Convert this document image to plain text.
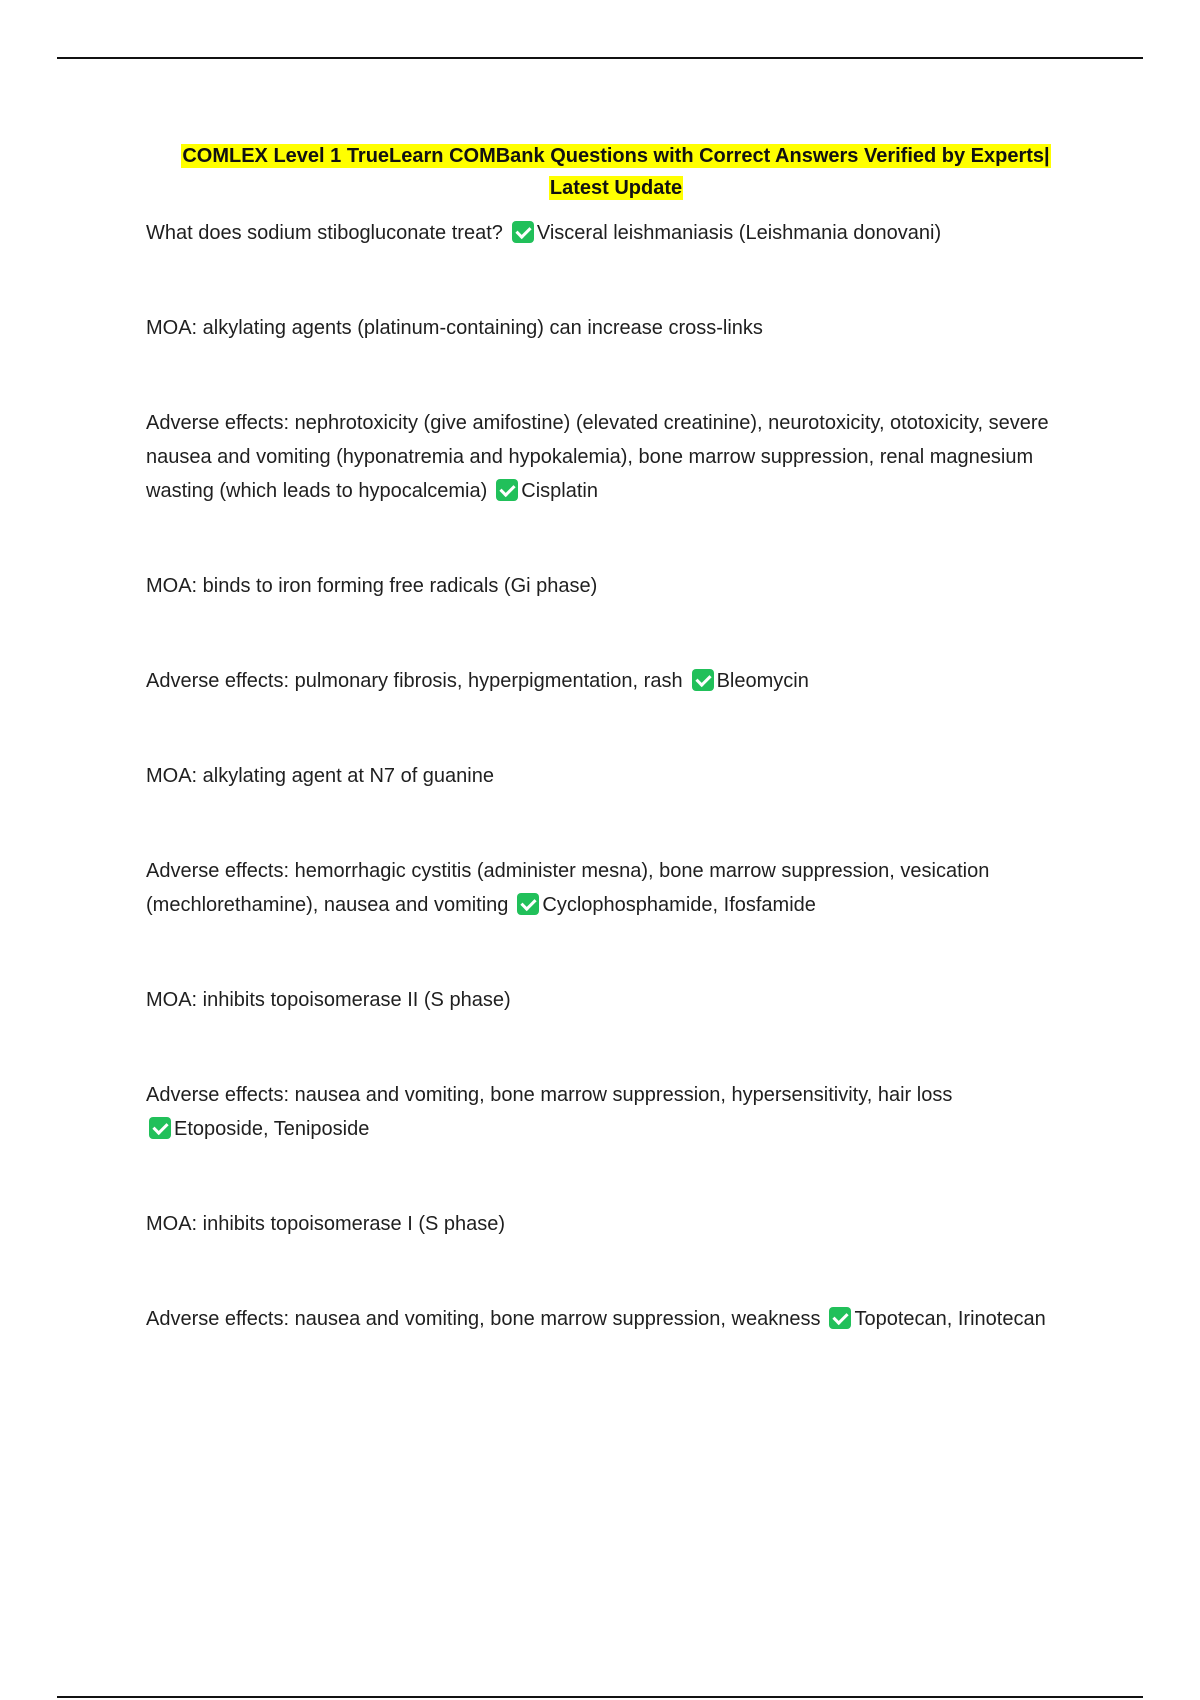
COMLEX Level 1 TrueLearn COMBank Questions with Correct Answers Verified by Experts|
Latest Update
What does sodium stibogluconate treat? Visceral leishmaniasis (Leishmania donovani)
MOA: alkylating agents (platinum-containing) can increase cross-links
Adverse effects: nephrotoxicity (give amifostine) (elevated creatinine), neurotoxicity, ototoxicity, severe nausea and vomiting (hyponatremia and hypokalemia), bone marrow suppression, renal magnesium wasting (which leads to hypocalcemia) Cisplatin
MOA: binds to iron forming free radicals (Gi phase)
Adverse effects: pulmonary fibrosis, hyperpigmentation, rash Bleomycin
MOA: alkylating agent at N7 of guanine
Adverse effects: hemorrhagic cystitis (administer mesna), bone marrow suppression, vesication (mechlorethamine), nausea and vomiting Cyclophosphamide, Ifosfamide
MOA: inhibits topoisomerase II (S phase)
Adverse effects: nausea and vomiting, bone marrow suppression, hypersensitivity, hair loss
Etoposide, Teniposide
MOA: inhibits topoisomerase I (S phase)
Adverse effects: nausea and vomiting, bone marrow suppression, weakness Topotecan, Irinotecan
